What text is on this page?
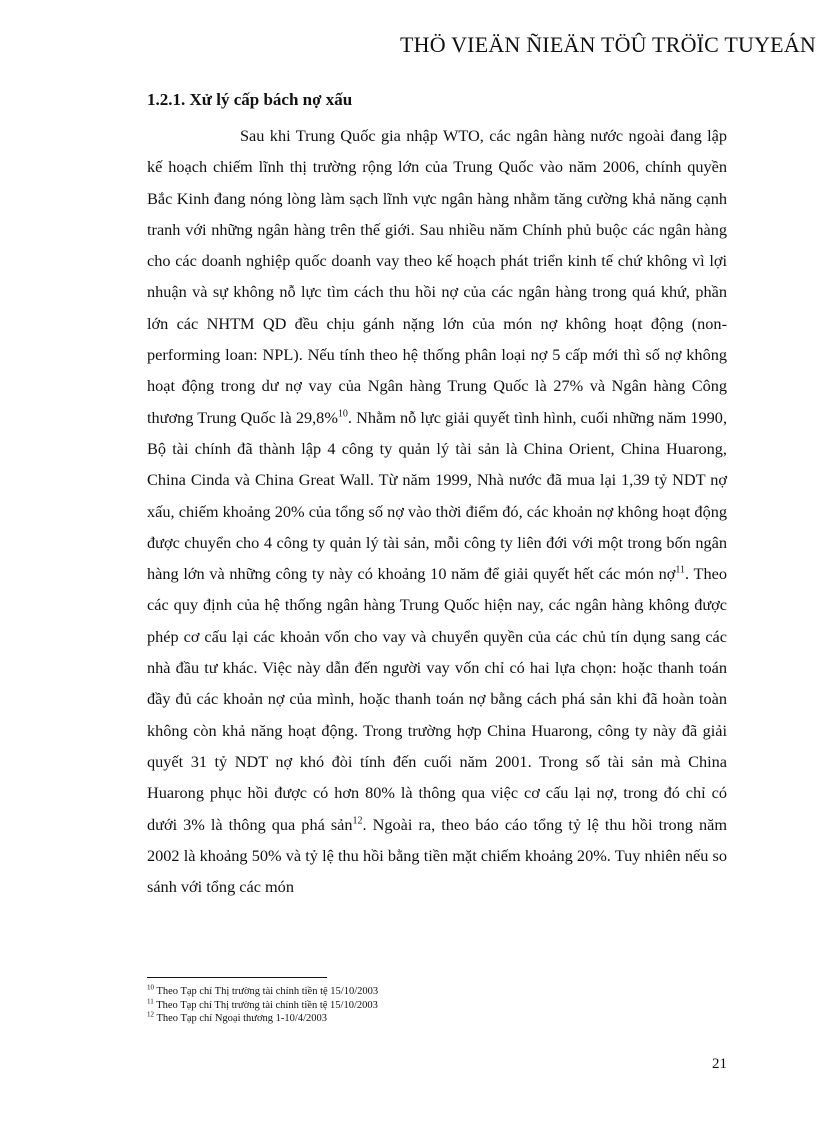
THÖ VIEÄN ÑIEÄN TÖÛ TRÖÏC TUYEÁN
1.2.1. Xử lý cấp bách nợ xấu

Sau khi Trung Quốc gia nhập WTO, các ngân hàng nước ngoài đang lập kế hoạch chiếm lĩnh thị trường rộng lớn của Trung Quốc vào năm 2006, chính quyền Bắc Kinh đang nóng lòng làm sạch lĩnh vực ngân hàng nhằm tăng cường khả năng cạnh tranh với những ngân hàng trên thế giới. Sau nhiều năm Chính phủ buộc các ngân hàng cho các doanh nghiệp quốc doanh vay theo kế hoạch phát triển kinh tế chứ không vì lợi nhuận và sự không nỗ lực tìm cách thu hồi nợ của các ngân hàng trong quá khứ, phần lớn các NHTM QD đều chịu gánh nặng lớn của món nợ không hoạt động (non-performing loan: NPL). Nếu tính theo hệ thống phân loại nợ 5 cấp mới thì số nợ không hoạt động trong dư nợ vay của Ngân hàng Trung Quốc là 27% và Ngân hàng Công thương Trung Quốc là 29,8%$^{10}$. Nhằm nỗ lực giải quyết tình hình, cuối những năm 1990, Bộ tài chính đã thành lập 4 công ty quản lý tài sản là China Orient, China Huarong, China Cinda và China Great Wall. Từ năm 1999, Nhà nước đã mua lại 1,39 tỷ NDT nợ xấu, chiếm khoảng 20% của tổng số nợ vào thời điểm đó, các khoản nợ không hoạt động được chuyển cho 4 công ty quản lý tài sản, mỗi công ty liên đới với một trong bốn ngân hàng lớn và những công ty này có khoảng 10 năm để giải quyết hết các món nợ$^{11}$. Theo các quy định của hệ thống ngân hàng Trung Quốc hiện nay, các ngân hàng không được phép cơ cấu lại các khoản vốn cho vay và chuyển quyền của các chủ tín dụng sang các nhà đầu tư khác. Việc này dẫn đến người vay vốn chỉ có hai lựa chọn: hoặc thanh toán đầy đủ các khoản nợ của mình, hoặc thanh toán nợ bằng cách phá sản khi đã hoàn toàn không còn khả năng hoạt động. Trong trường hợp China Huarong, công ty này đã giải quyết 31 tỷ NDT nợ khó đòi tính đến cuối năm 2001. Trong số tài sản mà China Huarong phục hồi được có hơn 80% là thông qua việc cơ cấu lại nợ, trong đó chỉ có dưới 3% là thông qua phá sản$^{12}$. Ngoài ra, theo báo cáo tổng tỷ lệ thu hồi trong năm 2002 là khoảng 50% và tỷ lệ thu hồi bằng tiền mặt chiếm khoảng 20%. Tuy nhiên nếu so sánh với tổng các món

$^{10}$ Theo Tạp chí Thị trường tài chính tiền tệ 15/10/2003
$^{11}$ Theo Tạp chí Thị trường tài chính tiền tệ 15/10/2003
$^{12}$ Theo Tạp chí Ngoại thương 1-10/4/2003
21
